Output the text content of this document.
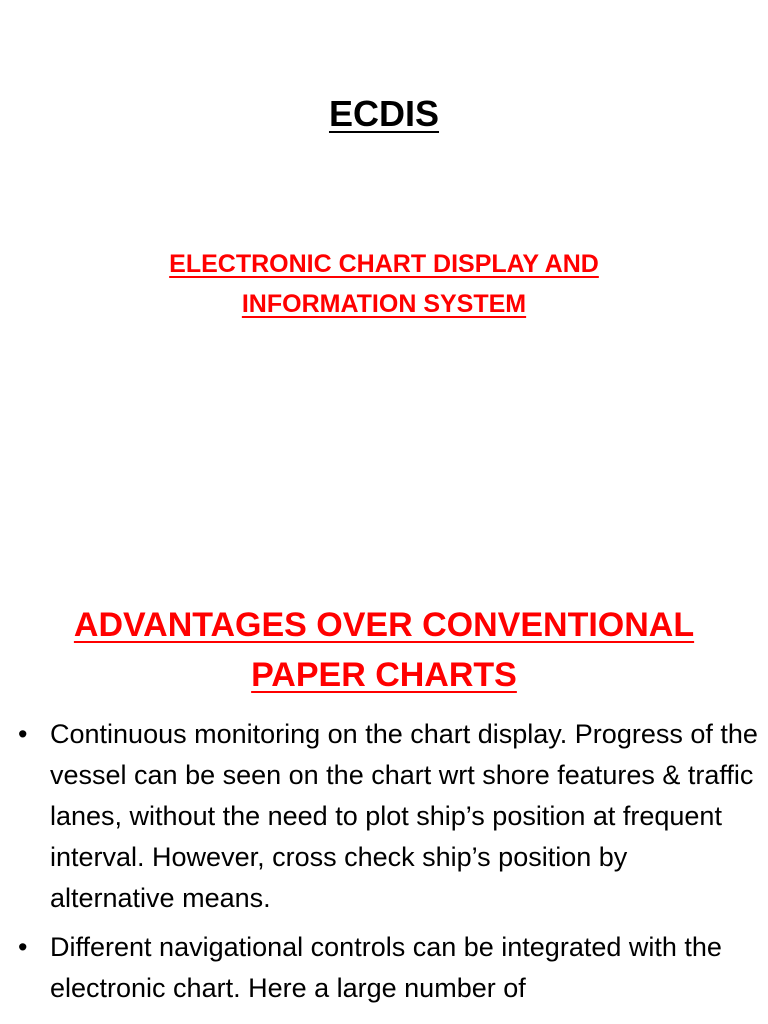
ECDIS
ELECTRONIC CHART DISPLAY AND
INFORMATION SYSTEM
ADVANTAGES OVER CONVENTIONAL
PAPER CHARTS
• Continuous monitoring on the chart display. Progress of the vessel can be seen on the chart wrt shore features & traffic lanes, without the need to plot ship’s position at frequent interval. However, cross check ship’s position by alternative means.
• Different navigational controls can be integrated with the electronic chart. Here a large number of
